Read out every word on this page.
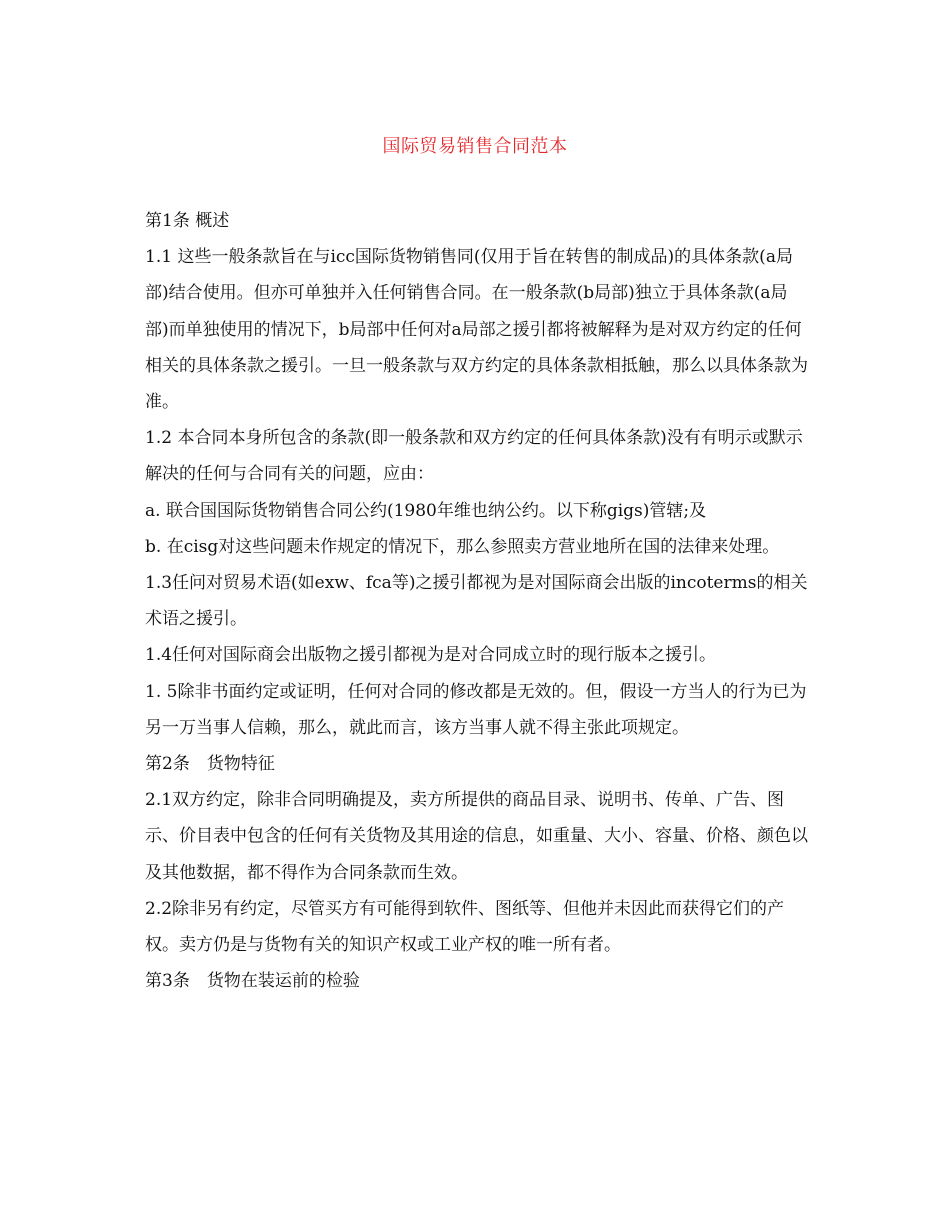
国际贸易销售合同范本

第1条 概述

1.1 这些一般条款旨在与icc国际货物销售同(仅用于旨在转售的制成品)的具体条款(a局部)结合使用。但亦可单独并入任何销售合同。在一般条款(b局部)独立于具体条款(a局部)而单独使用的情况下，b局部中任何对a局部之援引都将被解释为是对双方约定的任何相关的具体条款之援引。一旦一般条款与双方约定的具体条款相抵触，那么以具体条款为准。

1.2 本合同本身所包含的条款(即一般条款和双方约定的任何具体条款)没有有明示或默示解决的任何与合同有关的问题，应由：

a. 联合国国际货物销售合同公约(1980年维也纳公约。以下称gigs)管辖;及

b. 在cisg对这些问题未作规定的情况下，那么参照卖方营业地所在国的法律来处理。

1.3任问对贸易术语(如exw、fca等)之援引都视为是对国际商会出版的incoterms的相关术语之援引。

1.4任何对国际商会出版物之援引都视为是对合同成立时的现行版本之援引。

1. 5除非书面约定或证明，任何对合同的修改都是无效的。但，假设一方当人的行为已为另一万当事人信赖，那么，就此而言，该方当事人就不得主张此项规定。

第2条　货物特征

2.1双方约定，除非合同明确提及，卖方所提供的商品目录、说明书、传单、广告、图示、价目表中包含的任何有关货物及其用途的信息，如重量、大小、容量、价格、颜色以及其他数据，都不得作为合同条款而生效。

2.2除非另有约定，尽管买方有可能得到软件、图纸等、但他并未因此而获得它们的产权。卖方仍是与货物有关的知识产权或工业产权的唯一所有者。

第3条　货物在装运前的检验
